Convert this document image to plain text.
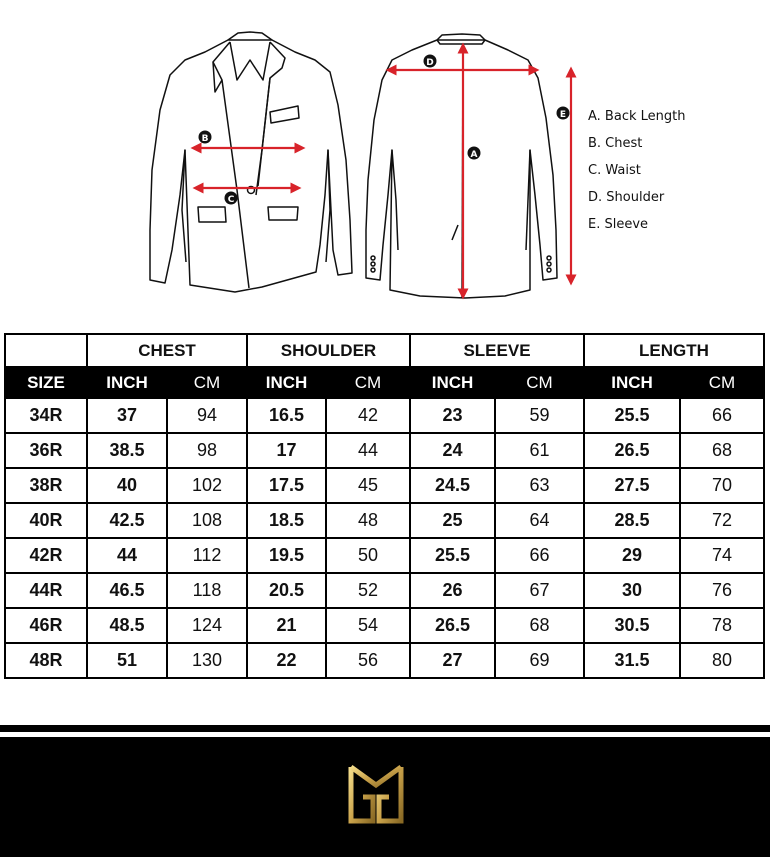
B
C
D
A
E A. Back Length
B. Chest
C. Waist
D. Shoulder
E. Sleeve
	CHEST		SHOULDER		SLEEVE		LENGTH	
SIZE	INCH	CM	INCH	CM	INCH	CM	INCH	CM
34R	37	94	16.5	42	23	59	25.5	66
36R	38.5	98	17	44	24	61	26.5	68
38R	40	102	17.5	45	24.5	63	27.5	70
40R	42.5	108	18.5	48	25	64	28.5	72
42R	44	112	19.5	50	25.5	66	29	74
44R	46.5	118	20.5	52	26	67	30	76
46R	48.5	124	21	54	26.5	68	30.5	78
48R	51	130	22	56	27	69	31.5	80
